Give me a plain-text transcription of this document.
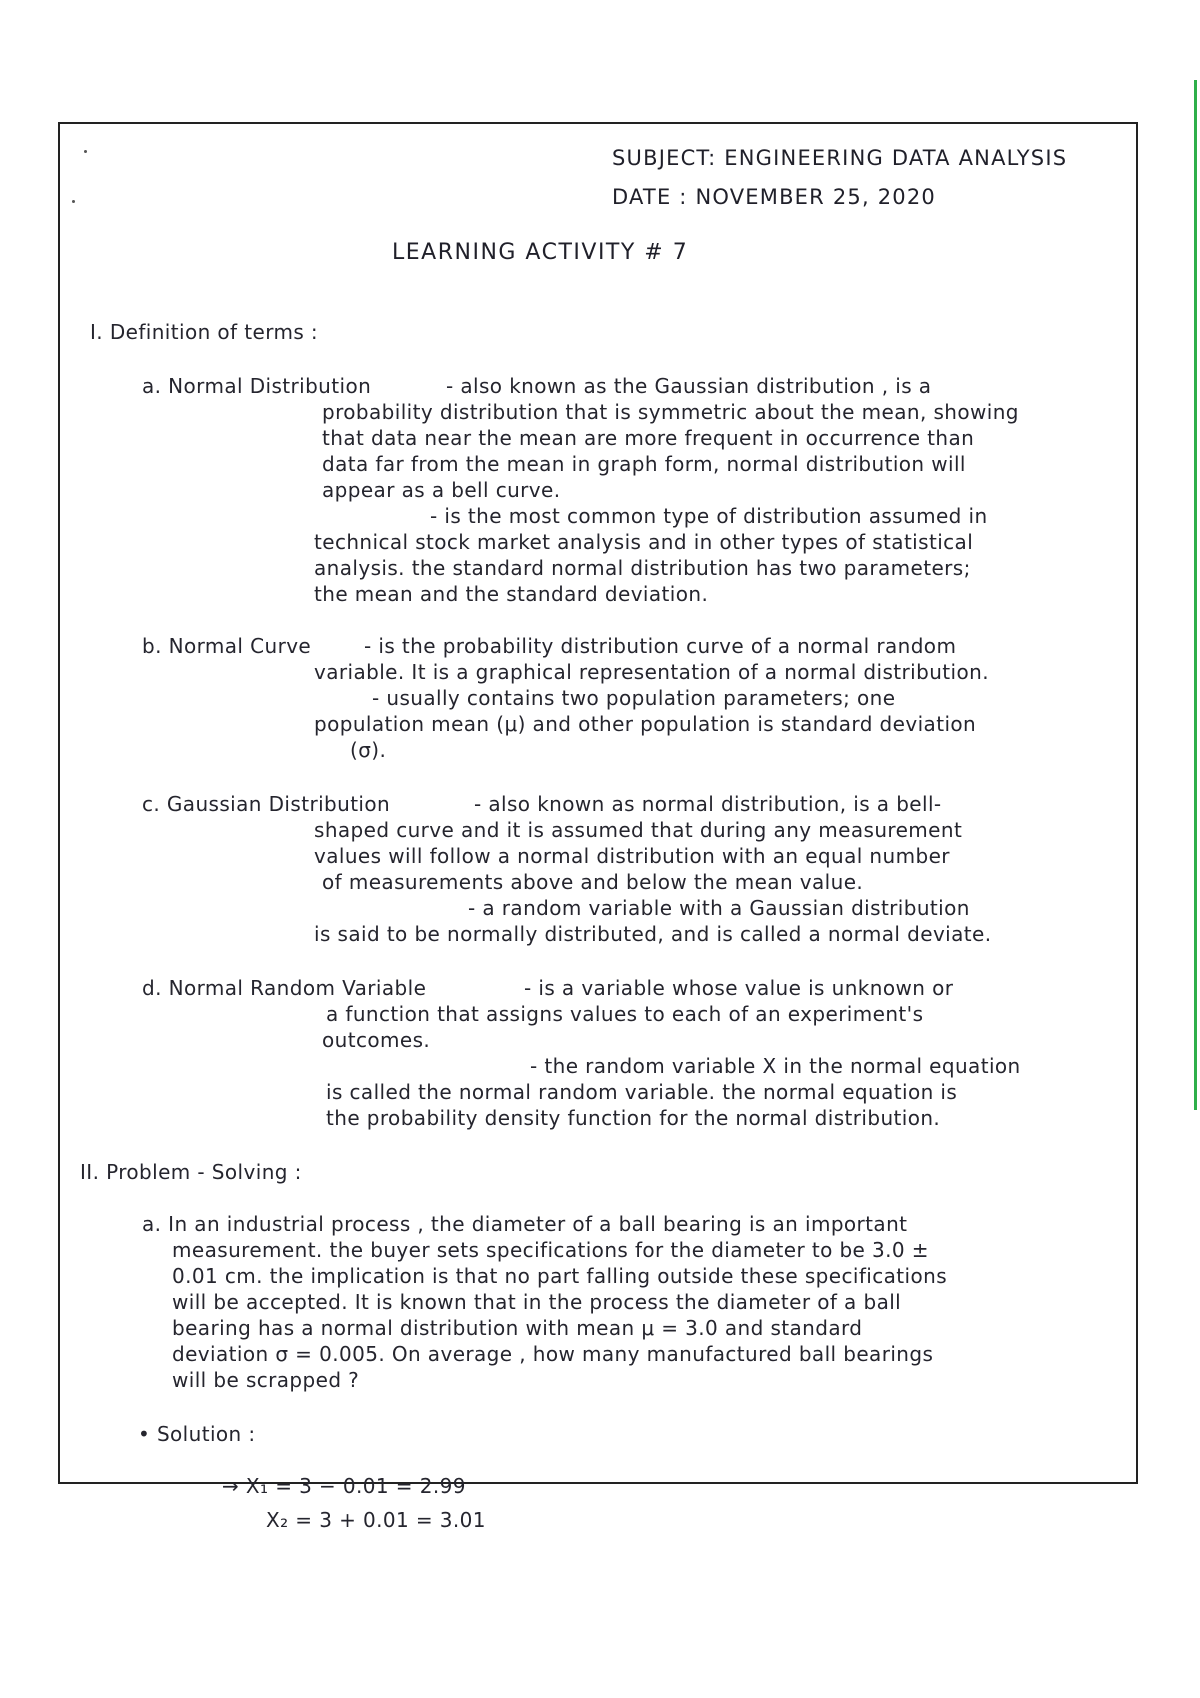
SUBJECT: ENGINEERING DATA ANALYSIS
DATE : NOVEMBER 25, 2020
LEARNING ACTIVITY # 7
I. Definition of terms :
a. Normal Distribution	- also known as the Gaussian distribution , is a
probability distribution that is symmetric about the mean, showing
that data near the mean are more frequent in occurrence than
data far from the mean in graph form, normal distribution will
appear as a bell curve.
- is the most common type of distribution assumed in
technical stock market analysis and in other types of statistical
analysis. the standard normal distribution has two parameters;
the mean and the standard deviation.
b. Normal Curve	- is the probability distribution curve of a normal random
variable. It is a graphical representation of a normal distribution.
- usually contains two population parameters; one
population mean (μ) and other population is standard deviation
(σ).
c. Gaussian Distribution	- also known as normal distribution, is a bell-
shaped curve and it is assumed that during any measurement
values will follow a normal distribution with an equal number
of measurements above and below the mean value.
- a random variable with a Gaussian distribution
is said to be normally distributed, and is called a normal deviate.
d. Normal Random Variable	- is a variable whose value is unknown or
a function that assigns values to each of an experiment's
outcomes.
- the random variable X in the normal equation
is called the normal random variable. the normal equation is
the probability density function for the normal distribution.
II. Problem - Solving :
a. In an industrial process , the diameter of a ball bearing is an important
measurement. the buyer sets specifications for the diameter to be 3.0 ±
0.01 cm. the implication is that no part falling outside these specifications
will be accepted. It is known that in the process the diameter of a ball
bearing has a normal distribution with mean μ = 3.0 and standard
deviation σ = 0.005. On average , how many manufactured ball bearings
will be scrapped ?
• Solution :
→ X₁ = 3 − 0.01 = 2.99
X₂ = 3 + 0.01 = 3.01
